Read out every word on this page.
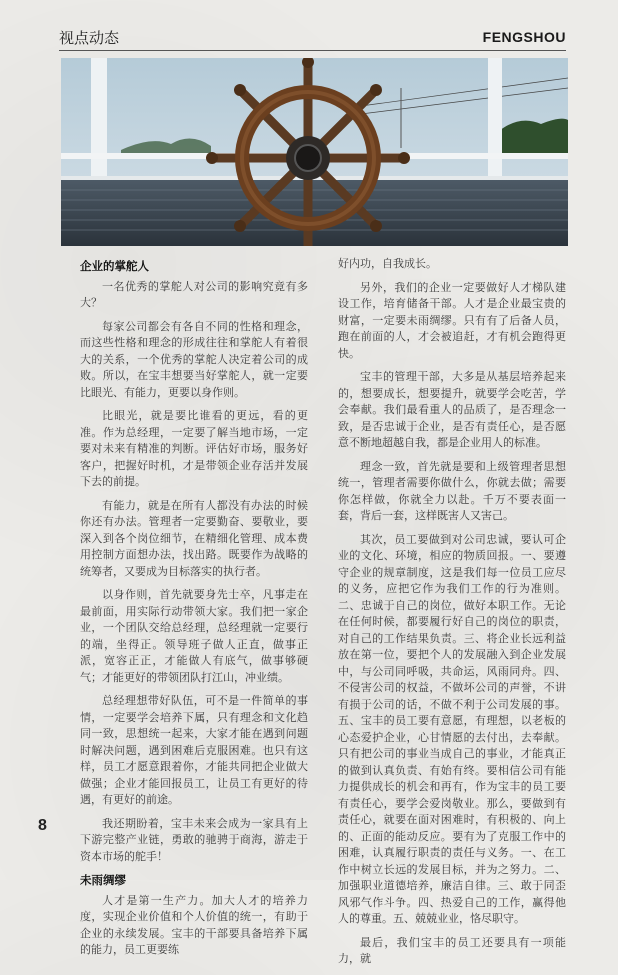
视点动态	FENGSHOU
企业的掌舵人

一名优秀的掌舵人对公司的影响究竟有多大？

每家公司都会有各自不同的性格和理念，而这些性格和理念的形成往往和掌舵人有着很大的关系，一个优秀的掌舵人决定着公司的成败。所以，在宝丰想要当好掌舵人，就一定要比眼光、有能力，更要以身作则。

比眼光，就是要比谁看的更远，看的更准。作为总经理，一定要了解当地市场，一定要对未来有精准的判断。评估好市场，服务好客户，把握好时机，才是带领企业存活并发展下去的前提。

有能力，就是在所有人都没有办法的时候你还有办法。管理者一定要勤奋、要敬业，要深入到各个岗位细节，在精细化管理、成本费用控制方面想办法，找出路。既要作为战略的统筹者，又要成为目标落实的执行者。

以身作则，首先就要身先士卒，凡事走在最前面，用实际行动带领大家。我们把一家企业，一个团队交给总经理，总经理就一定要行的端，坐得正。领导班子做人正直，做事正派，宽容正正，才能做人有底气，做事够硬气；才能更好的带领团队打江山，冲业绩。

总经理想带好队伍，可不是一件简单的事情，一定要学会培养下属，只有理念和文化趋同一致，思想统一起来，大家才能在遇到问题时解决问题，遇到困难后克服困难。也只有这样，员工才愿意跟着你，才能共同把企业做大做强；企业才能回报员工，让员工有更好的待遇，有更好的前途。

我还期盼着，宝丰未来会成为一家具有上下游完整产业链，勇敢的驰骋于商海，游走于资本市场的舵手！

未雨绸缪

人才是第一生产力。加大人才的培养力度，实现企业价值和个人价值的统一，有助于企业的永续发展。宝丰的干部要具备培养下属的能力，员工更要练

好内功，自我成长。

另外，我们的企业一定要做好人才梯队建设工作，培育储备干部。人才是企业最宝贵的财富，一定要未雨绸缪。只有有了后备人员，跑在前面的人，才会被追赶，才有机会跑得更快。

宝丰的管理干部，大多是从基层培养起来的，想要成长，想要提升，就要学会吃苦，学会奉献。我们最看重人的品质了，是否理念一致，是否忠诚于企业，是否有责任心，是否愿意不断地超越自我，都是企业用人的标准。

理念一致，首先就是要和上级管理者思想统一，管理者需要你做什么，你就去做；需要你怎样做，你就全力以赴。千万不要表面一套，背后一套，这样既害人又害己。

其次，员工要做到对公司忠诚，要认可企业的文化、环境，相应的物质回报。一、要遵守企业的规章制度，这是我们每一位员工应尽的义务，应把它作为我们工作的行为准则。二、忠诚于自己的岗位，做好本职工作。无论在任何时候，都要履行好自己的岗位的职责，对自己的工作结果负责。三、将企业长远利益放在第一位，要把个人的发展融入到企业发展中，与公司同呼吸，共命运，风雨同舟。四、不侵害公司的权益，不做坏公司的声誉，不讲有损于公司的话，不做不利于公司发展的事。五、宝丰的员工要有意愿，有理想，以老板的心态爱护企业，心甘情愿的去付出，去奉献。只有把公司的事业当成自己的事业，才能真正的做到认真负责、有始有终。要相信公司有能力提供成长的机会和再有，作为宝丰的员工要有责任心，要学会爱岗敬业。那么，要做到有责任心，就要在面对困难时，有积极的、向上的、正面的能动反应。要有为了克服工作中的困难，认真履行职责的责任与义务。一、在工作中树立长远的发展目标，并为之努力。二、加强职业道德培养，廉洁自律。三、敢于同歪风邪气作斗争。四、热爱自己的工作，赢得他人的尊重。五、兢兢业业，恪尽职守。

最后，我们宝丰的员工还要具有一项能力，就

8
